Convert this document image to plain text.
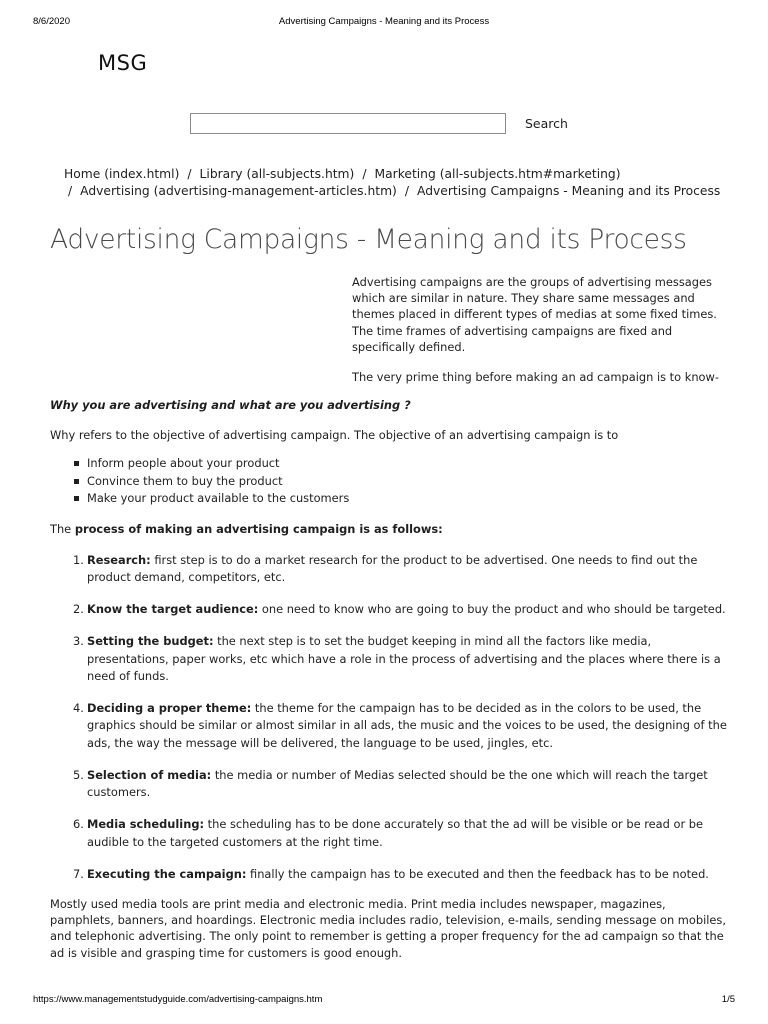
8/6/2020	Advertising Campaigns - Meaning and its Process
MSG
Search
Home (index.html) / Library (all-subjects.htm) / Marketing (all-subjects.htm#marketing)
/ Advertising (advertising-management-articles.htm) / Advertising Campaigns - Meaning and its Process
Advertising Campaigns - Meaning and its Process

Advertising campaigns are the groups of advertising messages which are similar in nature. They share same messages and themes placed in different types of medias at some fixed times. The time frames of advertising campaigns are fixed and specifically defined.

The very prime thing before making an ad campaign is to know-

Why you are advertising and what are you advertising ?

Why refers to the objective of advertising campaign. The objective of an advertising campaign is to

Inform people about your product
Convince them to buy the product
Make your product available to the customers

The process of making an advertising campaign is as follows:

1. Research: first step is to do a market research for the product to be advertised. One needs to find out the product demand, competitors, etc.
2. Know the target audience: one need to know who are going to buy the product and who should be targeted.
3. Setting the budget: the next step is to set the budget keeping in mind all the factors like media, presentations, paper works, etc which have a role in the process of advertising and the places where there is a need of funds.
4. Deciding a proper theme: the theme for the campaign has to be decided as in the colors to be used, the graphics should be similar or almost similar in all ads, the music and the voices to be used, the designing of the ads, the way the message will be delivered, the language to be used, jingles, etc.
5. Selection of media: the media or number of Medias selected should be the one which will reach the target customers.
6. Media scheduling: the scheduling has to be done accurately so that the ad will be visible or be read or be audible to the targeted customers at the right time.
7. Executing the campaign: finally the campaign has to be executed and then the feedback has to be noted.

Mostly used media tools are print media and electronic media. Print media includes newspaper, magazines, pamphlets, banners, and hoardings. Electronic media includes radio, television, e-mails, sending message on mobiles, and telephonic advertising. The only point to remember is getting a proper frequency for the ad campaign so that the ad is visible and grasping time for customers is good enough.

https://www.managementstudyguide.com/advertising-campaigns.htm	1/5
